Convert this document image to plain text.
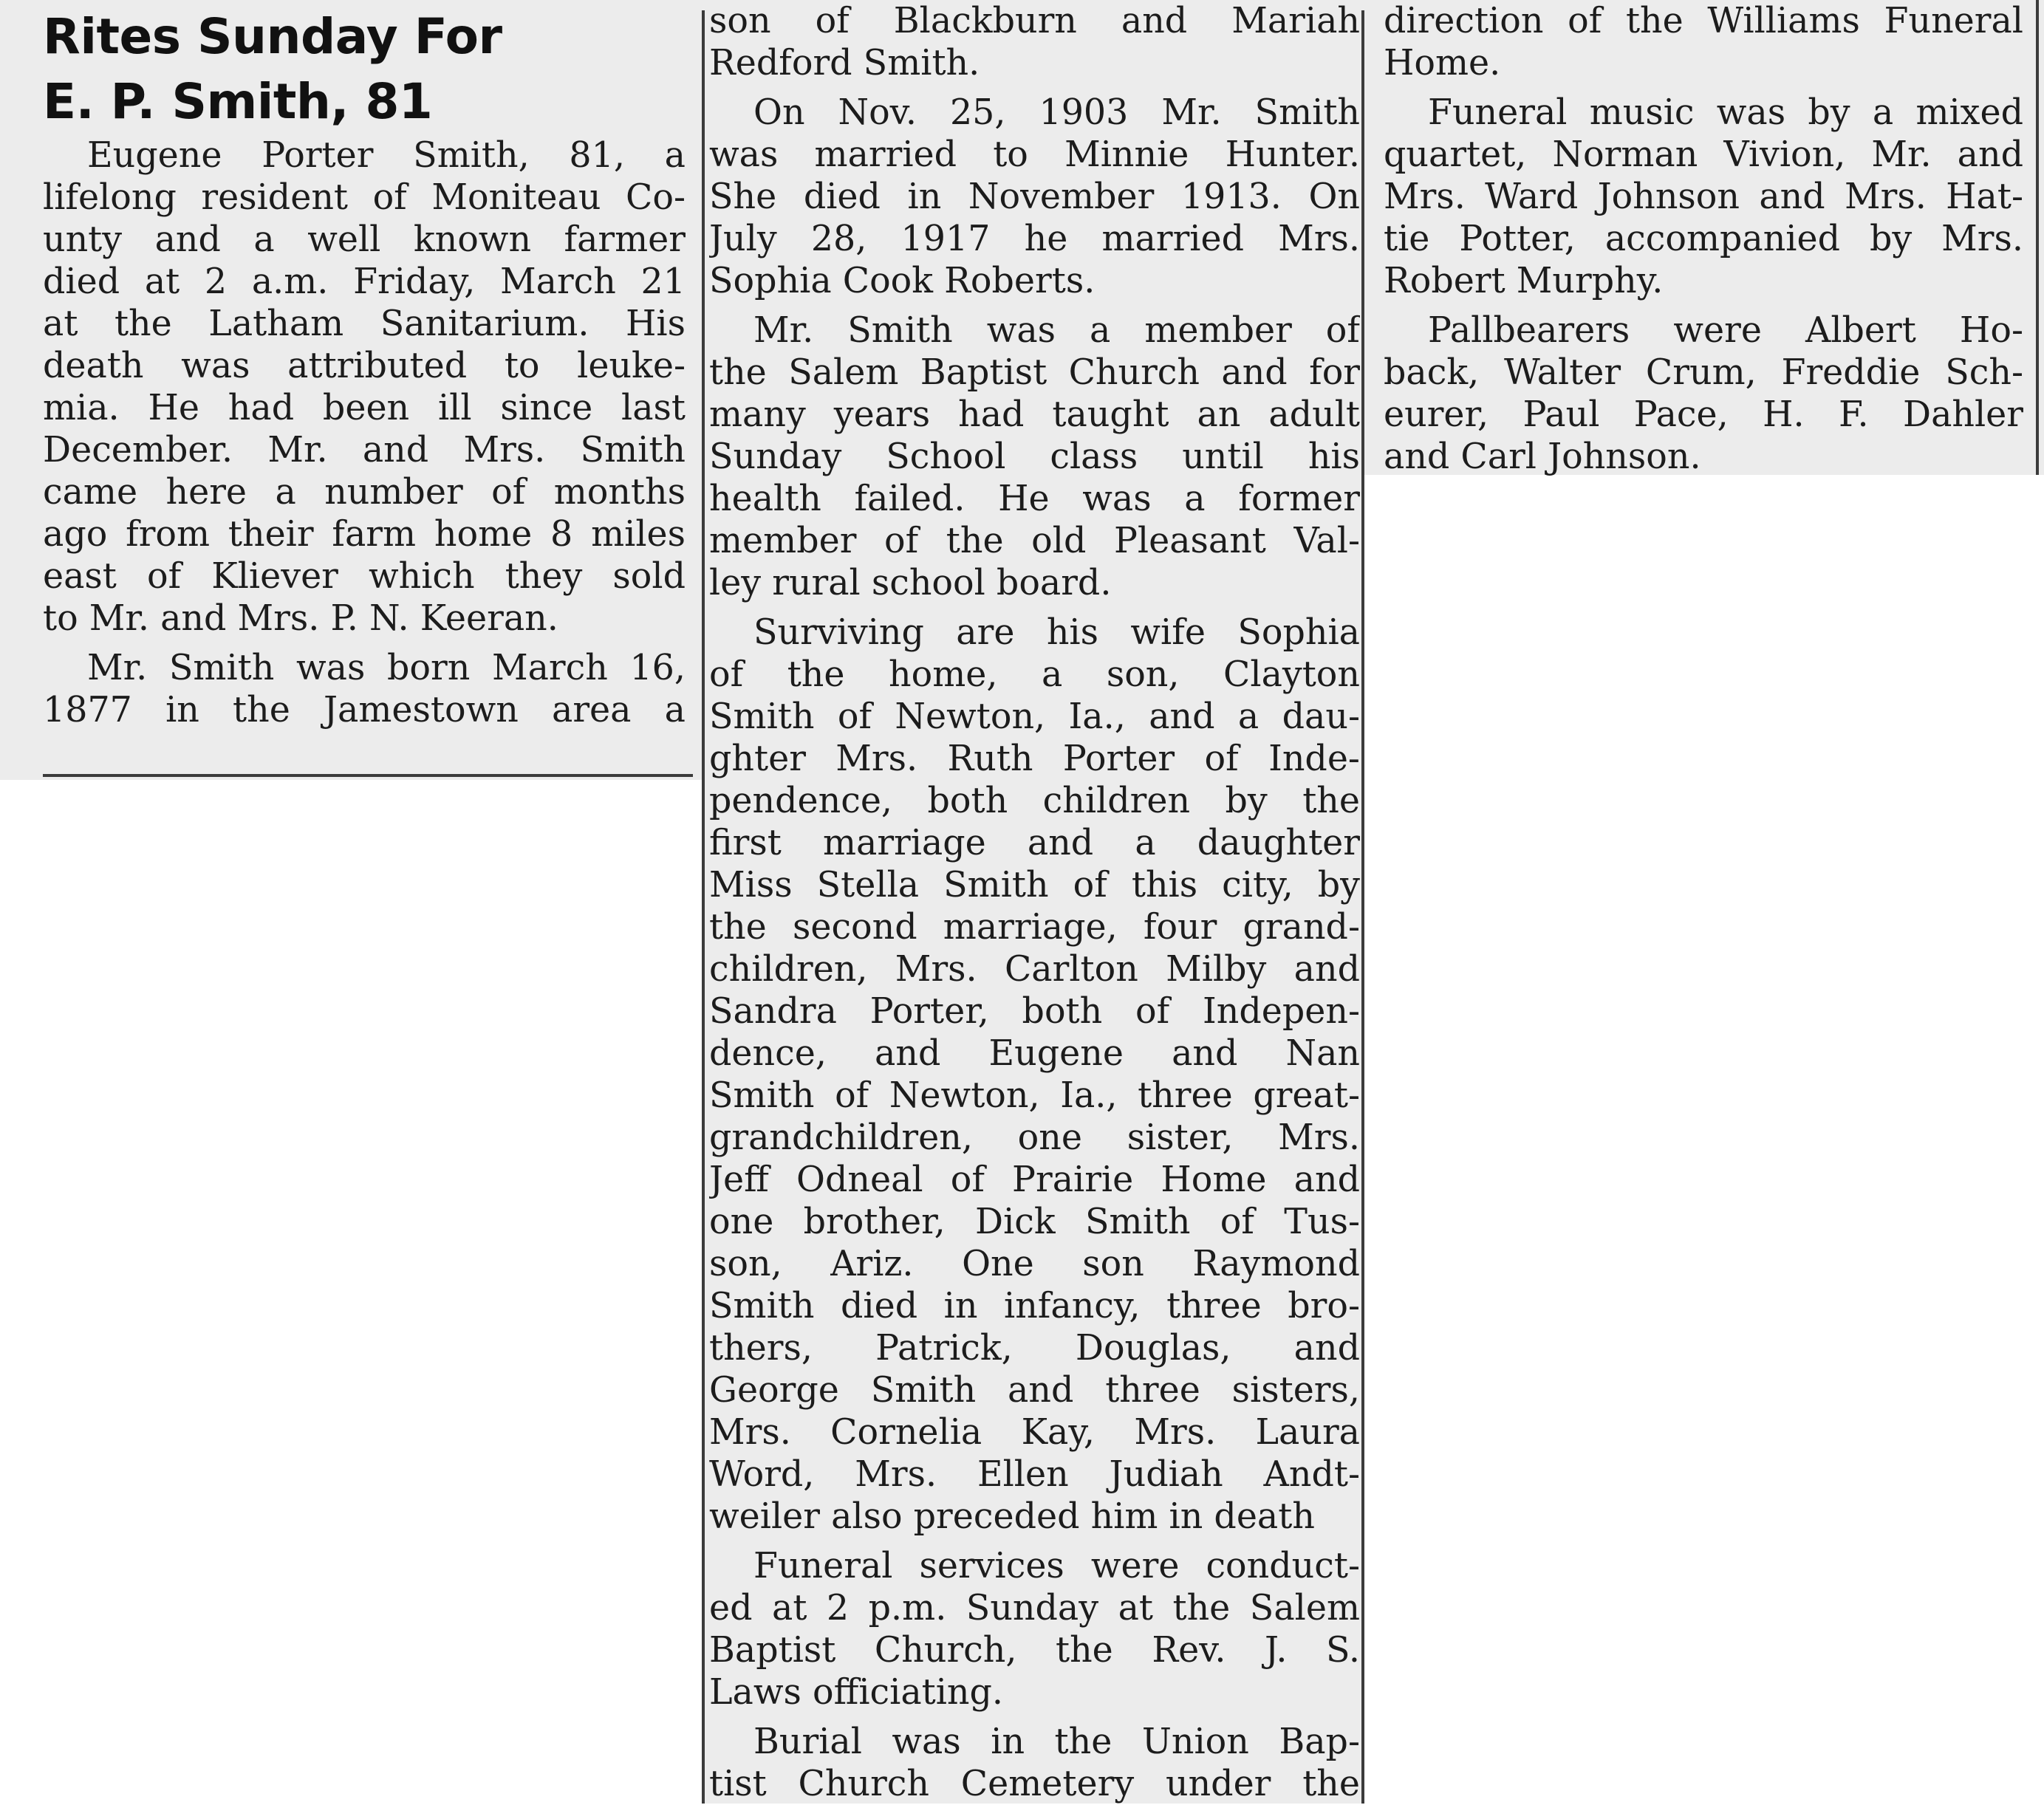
Rites Sunday For
E. P. Smith, 81
Eugene Porter Smith, 81, a
lifelong resident of Moniteau Co-
unty and a well known farmer
died at 2 a.m. Friday, March 21
at the Latham Sanitarium. His
death was attributed to leuke-
mia. He had been ill since last
December. Mr. and Mrs. Smith
came here a number of months
ago from their farm home 8 miles
east of Kliever which they sold
to Mr. and Mrs. P. N. Keeran.
Mr. Smith was born March 16,
1877 in the Jamestown area a
son of Blackburn and Mariah
Redford Smith.
On Nov. 25, 1903 Mr. Smith
was married to Minnie Hunter.
She died in November 1913. On
July 28, 1917 he married Mrs.
Sophia Cook Roberts.
Mr. Smith was a member of
the Salem Baptist Church and for
many years had taught an adult
Sunday School class until his
health failed. He was a former
member of the old Pleasant Val-
ley rural school board.
Surviving are his wife Sophia
of the home, a son, Clayton
Smith of Newton, Ia., and a dau-
ghter Mrs. Ruth Porter of Inde-
pendence, both children by the
first marriage and a daughter
Miss Stella Smith of this city, by
the second marriage, four grand-
children, Mrs. Carlton Milby and
Sandra Porter, both of Indepen-
dence, and Eugene and Nan
Smith of Newton, Ia., three great-
grandchildren, one sister, Mrs.
Jeff Odneal of Prairie Home and
one brother, Dick Smith of Tus-
son, Ariz. One son Raymond
Smith died in infancy, three bro-
thers, Patrick, Douglas, and
George Smith and three sisters,
Mrs. Cornelia Kay, Mrs. Laura
Word, Mrs. Ellen Judiah Andt-
weiler also preceded him in death
Funeral services were conduct-
ed at 2 p.m. Sunday at the Salem
Baptist Church, the Rev. J. S.
Laws officiating.
Burial was in the Union Bap-
tist Church Cemetery under the
direction of the Williams Funeral
Home.
Funeral music was by a mixed
quartet, Norman Vivion, Mr. and
Mrs. Ward Johnson and Mrs. Hat-
tie Potter, accompanied by Mrs.
Robert Murphy.
Pallbearers were Albert Ho-
back, Walter Crum, Freddie Sch-
eurer, Paul Pace, H. F. Dahler
and Carl Johnson.
